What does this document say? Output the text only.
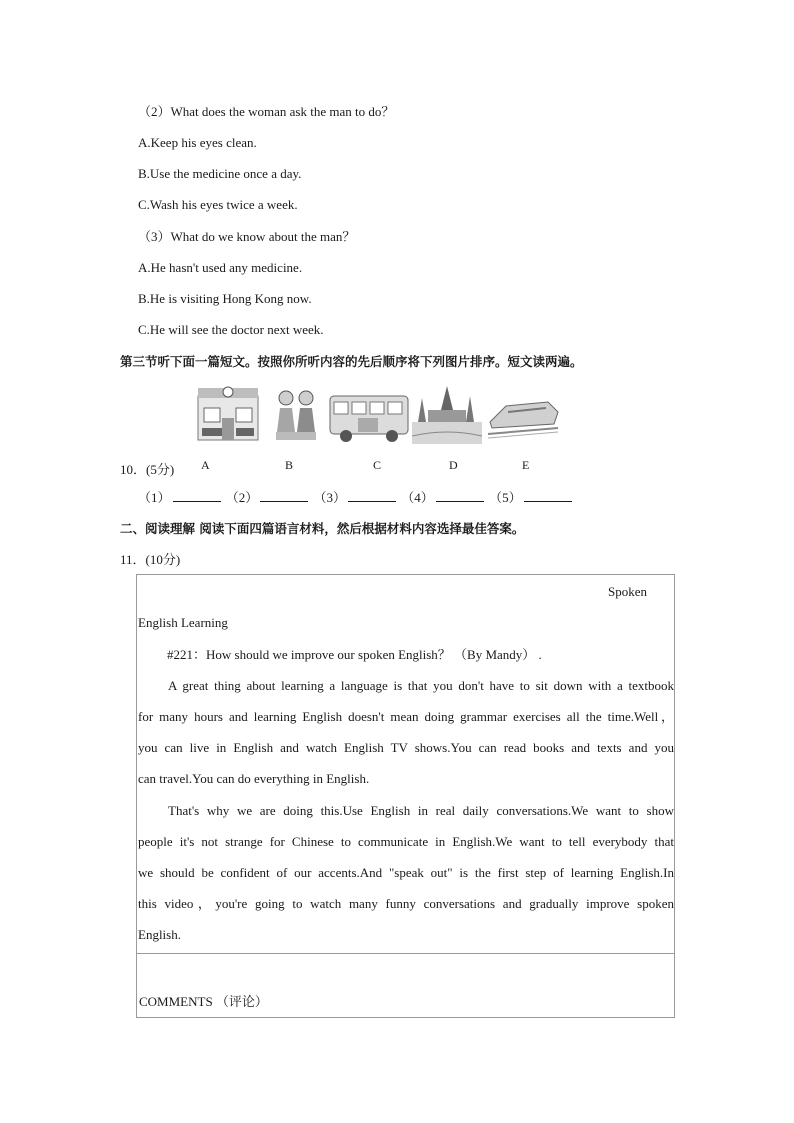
（2）What does the woman ask the man to do？
A.Keep his eyes clean.
B.Use the medicine once a day.
C.Wash his eyes twice a week.
（3）What do we know about the man？
A.He hasn't used any medicine.
B.He is visiting Hong Kong now.
C.He will see the doctor next week.
第三节听下面一篇短文。按照你所听内容的先后顺序将下列图片排序。短文读两遍。
10．(5分) A	B	C	D	E
（1）	（2）	（3）	（4）	（5）
二、阅读理解 阅读下面四篇语言材料，然后根据材料内容选择最佳答案。
11．(10分)
Spoken
English Learning
#221：How should we improve our spoken English？ （By Mandy） .
A great thing about learning a language is that you don't have to sit down with a textbook
for many hours and learning English doesn't mean doing grammar exercises all the time.Well，
you can live in English and watch English TV shows.You can read books and texts and you
can travel.You can do everything in English.
That's why we are doing this.Use English in real daily conversations.We want to show
people it's not strange for Chinese to communicate in English.We want to tell everybody that
we should be confident of our accents.And "speak out" is the first step of learning English.In
this video，you're going to watch many funny conversations and gradually improve spoken
English.
COMMENTS （评论）
